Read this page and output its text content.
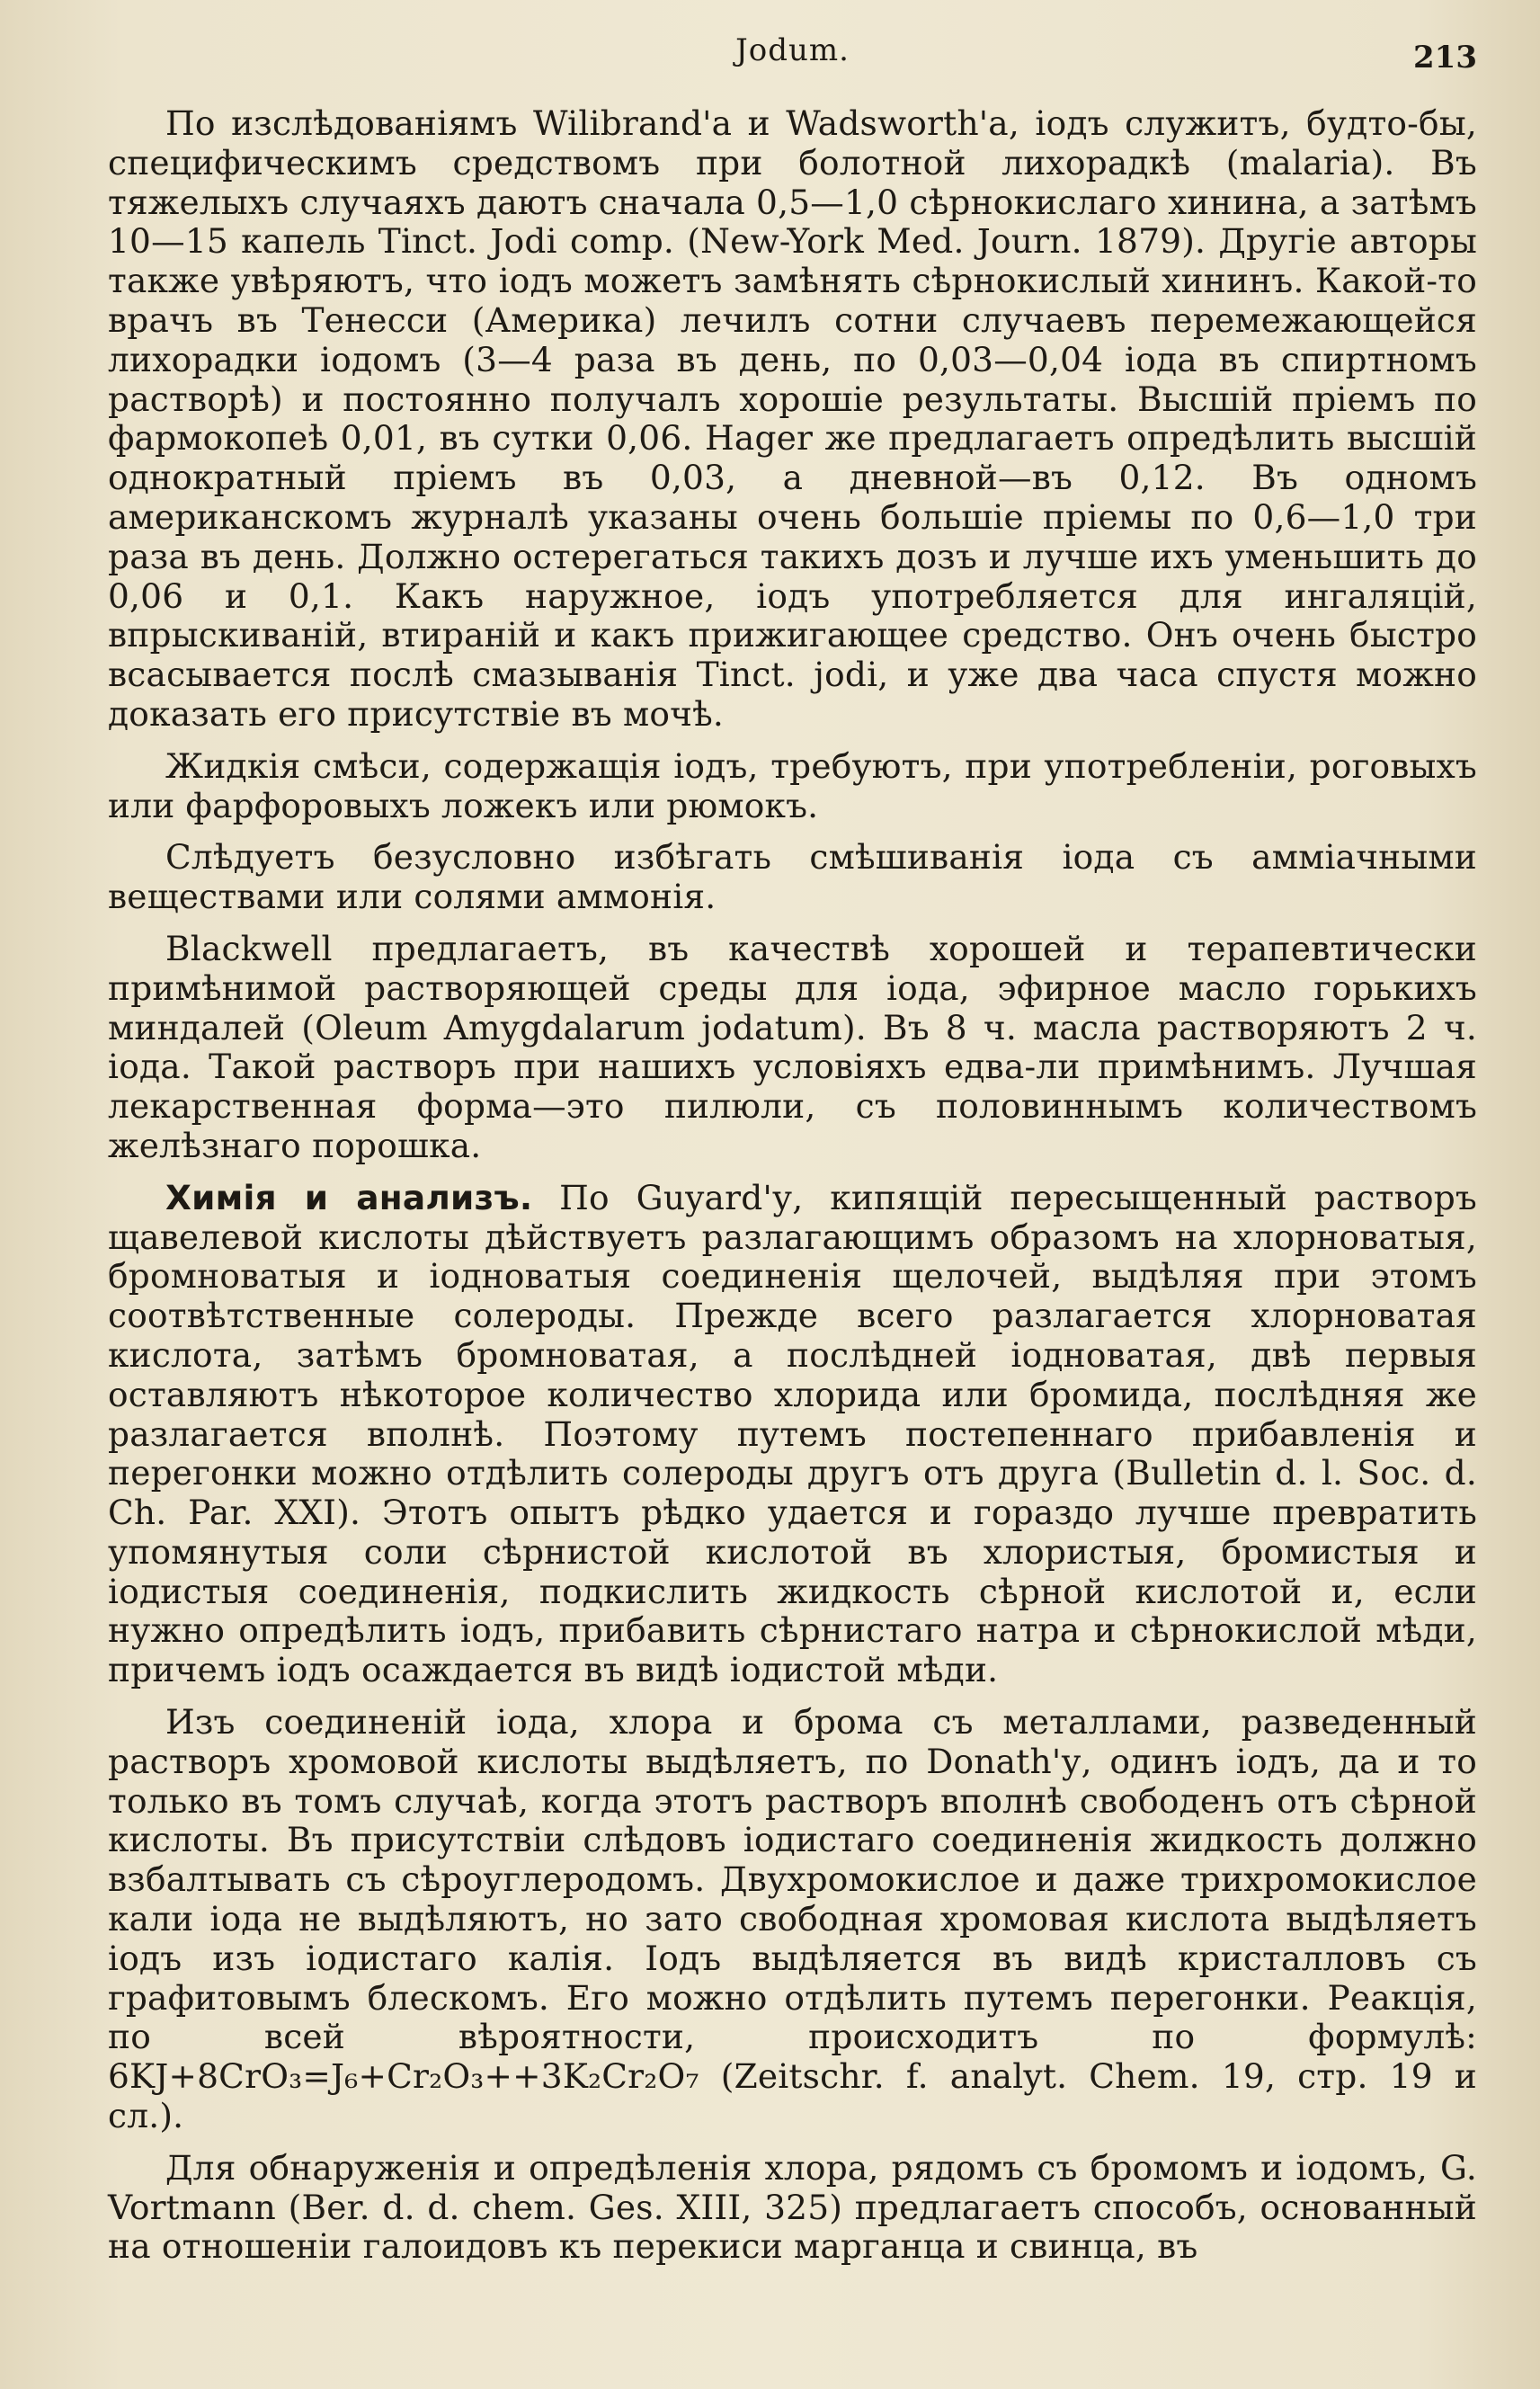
Jodum.	213

По изслѣдованіямъ Wilibrand'а и Wadsworth'а, іодъ служитъ, будто-бы, специфическимъ средствомъ при болотной лихорадкѣ (malaria). Въ тяжелыхъ случаяхъ даютъ сначала 0,5—1,0 сѣрнокислаго хинина, а затѣмъ 10—15 капель Tinct. Jodi comp. (New-York Med. Journ. 1879). Другіе авторы также увѣряютъ, что іодъ можетъ замѣнять сѣрнокислый хининъ. Какой-то врачъ въ Тенесси (Америка) лечилъ сотни случаевъ перемежающейся лихорадки іодомъ (3—4 раза въ день, по 0,03—0,04 іода въ спиртномъ растворѣ) и постоянно получалъ хорошіе результаты. Высшій пріемъ по фармокопеѣ 0,01, въ сутки 0,06. Hager же предлагаетъ опредѣлить высшій однократный пріемъ въ 0,03, а дневной—въ 0,12. Въ одномъ американскомъ журналѣ указаны очень большіе пріемы по 0,6—1,0 три раза въ день. Должно остерегаться такихъ дозъ и лучше ихъ уменьшить до 0,06 и 0,1. Какъ наружное, іодъ употребляется для ингаляцій, впрыскиваній, втираній и какъ прижигающее средство. Онъ очень быстро всасывается послѣ смазыванія Tinct. jodi, и уже два часа спустя можно доказать его присутствіе въ мочѣ.

Жидкія смѣси, содержащія іодъ, требуютъ, при употребленіи, роговыхъ или фарфоровыхъ ложекъ или рюмокъ.

Слѣдуетъ безусловно избѣгать смѣшиванія іода съ аммiачными веществами или солями аммонія.

Blackwell предлагаетъ, въ качествѣ хорошей и терапевтически примѣнимой растворяющей среды для іода, эфирное масло горькихъ миндалей (Oleum Amygdalarum jodatum). Въ 8 ч. масла растворяютъ 2 ч. іода. Такой растворъ при нашихъ условіяхъ едва-ли примѣнимъ. Лучшая лекарственная форма—это пилюли, съ половиннымъ количествомъ желѣзнаго порошка.

Химія и анализъ. По Guyard'у, кипящій пересыщенный растворъ щавелевой кислоты дѣйствуетъ разлагающимъ образомъ на хлорноватыя, бромноватыя и іодноватыя соединенія щелочей, выдѣляя при этомъ соотвѣтственные солероды. Прежде всего разлагается хлорноватая кислота, затѣмъ бромноватая, а послѣдней іодноватая, двѣ первыя оставляютъ нѣкоторое количество хлорида или бромида, послѣдняя же разлагается вполнѣ. Поэтому путемъ постепеннаго прибавленія и перегонки можно отдѣлить солероды другъ отъ друга (Bulletin d. l. Soc. d. Ch. Par. XXI). Этотъ опытъ рѣдко удается и гораздо лучше превратить упомянутыя соли сѣрнистой кислотой въ хлористыя, бромистыя и іодистыя соединенія, подкислить жидкость сѣрной кислотой и, если нужно опредѣлить іодъ, прибавить сѣрнистаго натра и сѣрнокислой мѣди, причемъ іодъ осаждается въ видѣ іодистой мѣди.

Изъ соединеній іода, хлора и брома съ металлами, разведенный растворъ хромовой кислоты выдѣляетъ, по Donath'у, одинъ іодъ, да и то только въ томъ случаѣ, когда этотъ растворъ вполнѣ свободенъ отъ сѣрной кислоты. Въ присутствіи слѣдовъ іодистаго соединенія жидкость должно взбалтывать съ сѣроуглеродомъ. Двухромокислое и даже трихромокислое кали іода не выдѣляютъ, но зато свободная хромовая кислота выдѣляетъ іодъ изъ іодистаго калія. Іодъ выдѣляется въ видѣ кристалловъ съ графитовымъ блескомъ. Его можно отдѣлить путемъ перегонки. Реакція, по всей вѣроятности, происходитъ по формулѣ: 6KJ+8CrO₃=J₆+Cr₂O₃++3K₂Cr₂O₇ (Zeitschr. f. analyt. Chem. 19, стр. 19 и сл.).

Для обнаруженія и опредѣленія хлора, рядомъ съ бромомъ и іодомъ, G. Vortmann (Ber. d. d. chem. Ges. XIII, 325) предлагаетъ способъ, основанный на отношеніи галоидовъ къ перекиси марганца и свинца, въ
